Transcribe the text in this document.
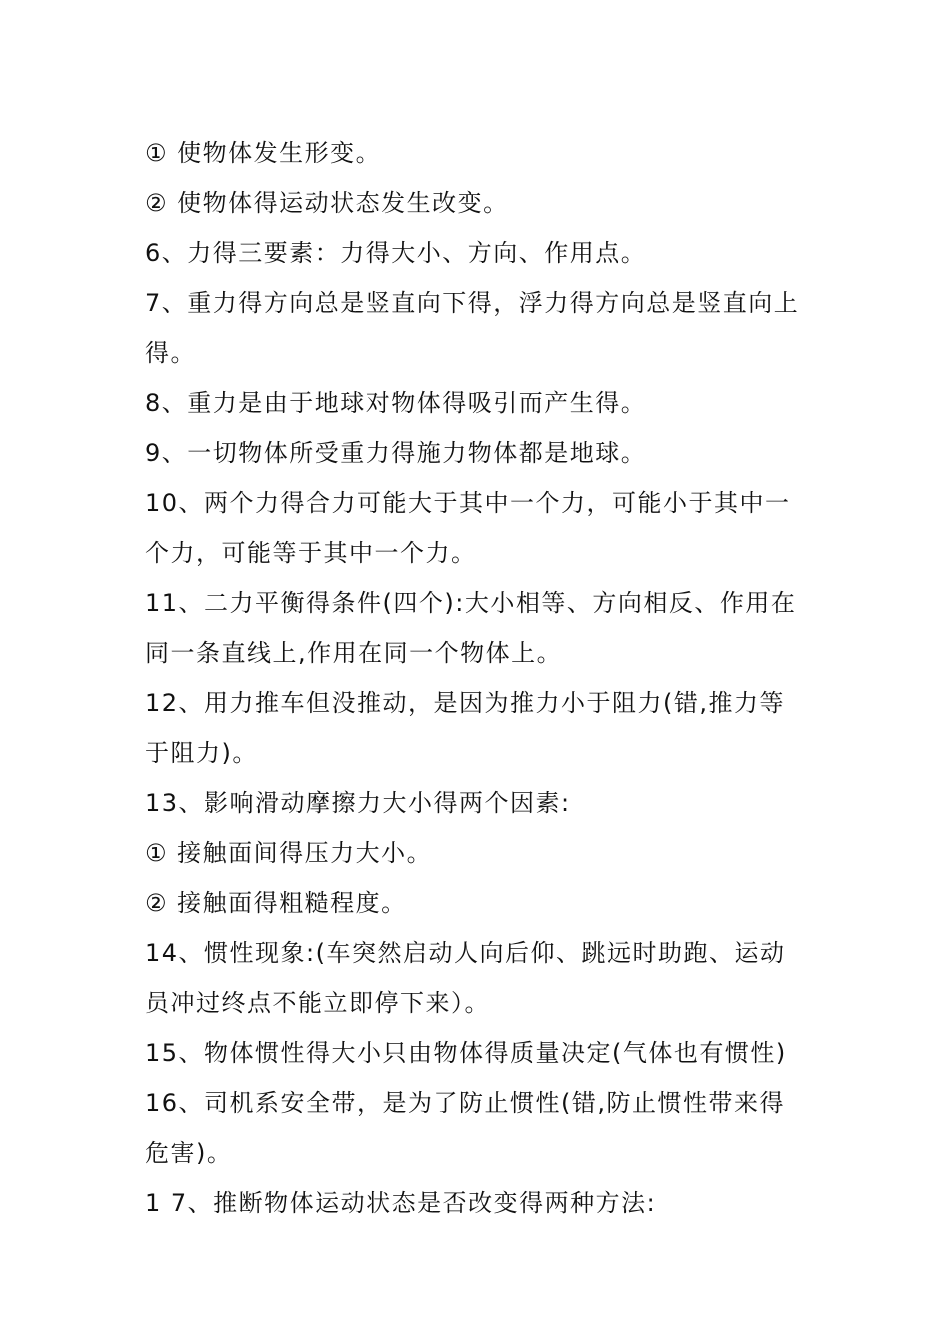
① 使物体发生形变。
② 使物体得运动状态发生改变。
6、力得三要素：力得大小、方向、作用点。
7、重力得方向总是竖直向下得，浮力得方向总是竖直向上
得。
8、重力是由于地球对物体得吸引而产生得。
9、一切物体所受重力得施力物体都是地球。
10、两个力得合力可能大于其中一个力，可能小于其中一
个力，可能等于其中一个力。
11、二力平衡得条件(四个):大小相等、方向相反、作用在
同一条直线上,作用在同一个物体上。
12、用力推车但没推动，是因为推力小于阻力(错,推力等
于阻力)。
13、影响滑动摩擦力大小得两个因素:
① 接触面间得压力大小。
② 接触面得粗糙程度。
14、惯性现象:(车突然启动人向后仰、跳远时助跑、运动
员冲过终点不能立即停下来）。
15、物体惯性得大小只由物体得质量决定(气体也有惯性)
16、司机系安全带，是为了防止惯性(错,防止惯性带来得
危害)。
1 7、推断物体运动状态是否改变得两种方法:
